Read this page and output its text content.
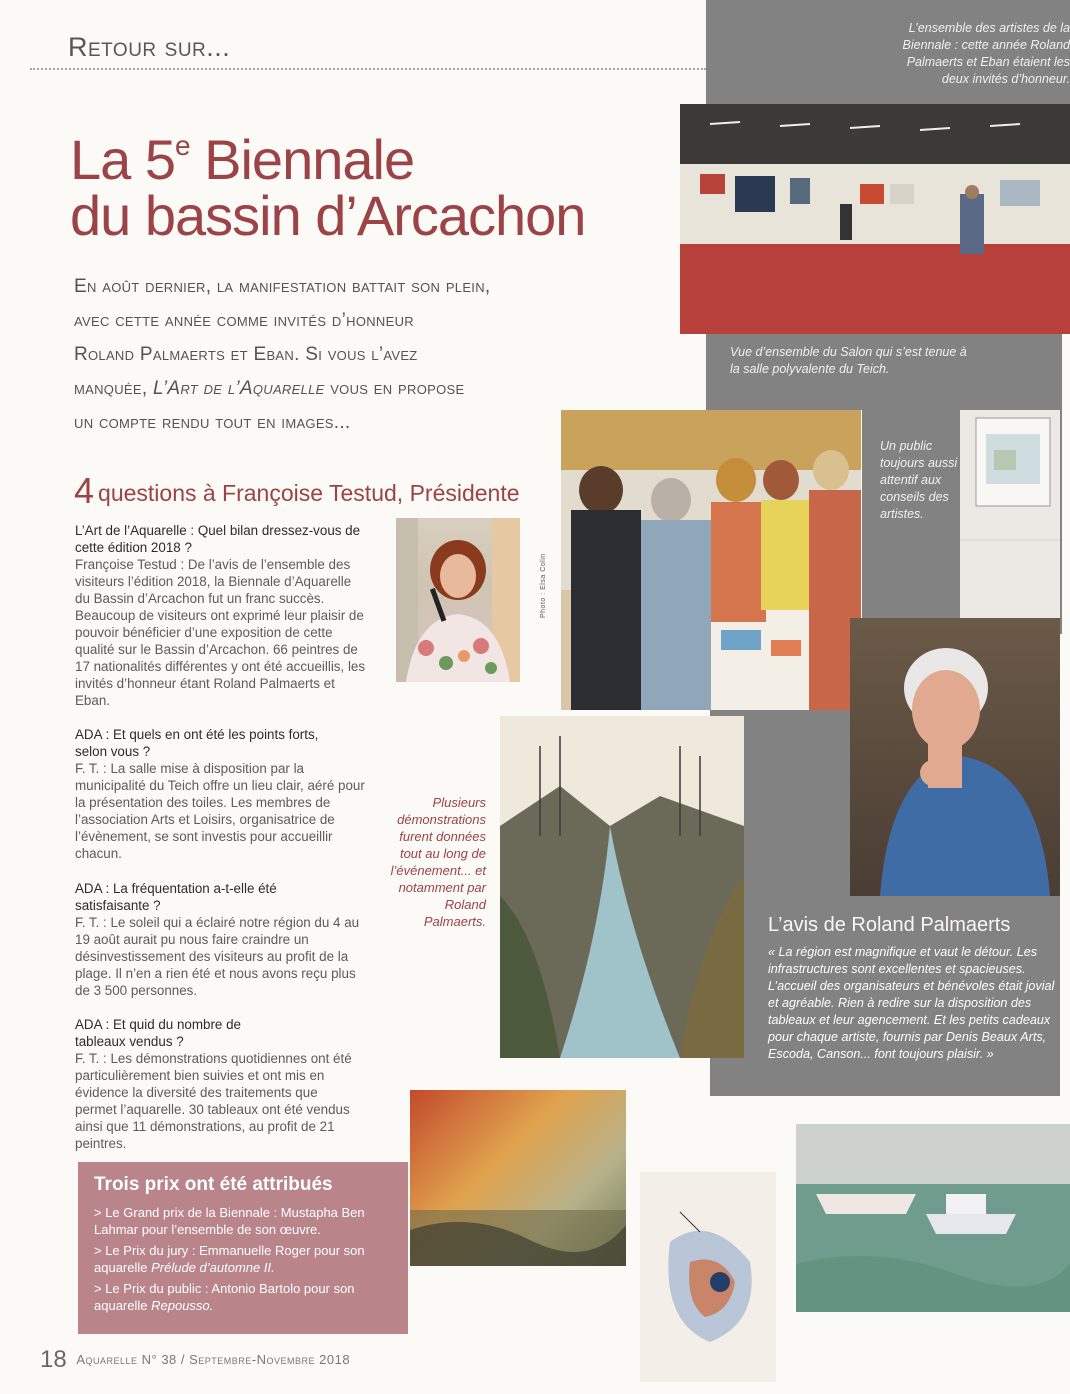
Retour sur...
La 5e Biennale
du bassin d’Arcachon
En août dernier, la manifestation battait son plein,
avec cette année comme invités d’honneur
Roland Palmaerts et Eban. Si vous l’avez
manquée, L’Art de l’Aquarelle vous en propose
un compte rendu tout en images...
4 questions à Françoise Testud, Présidente
L’Art de l’Aquarelle : Quel bilan dressez-vous de cette édition 2018 ?
Françoise Testud : De l’avis de l’ensemble des visiteurs l’édition 2018, la Biennale d’Aquarelle du Bassin d’Arcachon fut un franc succès. Beaucoup de visiteurs ont exprimé leur plaisir de pouvoir bénéficier d’une exposition de cette qualité sur le Bassin d’Arcachon. 66 peintres de 17 nationalités différentes y ont été accueillis, les invités d’honneur étant Roland Palmaerts et Eban.
ADA : Et quels en ont été les points forts, selon vous ?
F. T. : La salle mise à disposition par la municipalité du Teich offre un lieu clair, aéré pour la présentation des toiles. Les membres de l’association Arts et Loisirs, organisatrice de l’évènement, se sont investis pour accueillir chacun.
ADA : La fréquentation a-t-elle été satisfaisante ?
F. T. : Le soleil qui a éclairé notre région du 4 au 19 août aurait pu nous faire craindre un désinvestissement des visiteurs au profit de la plage. Il n’en a rien été et nous avons reçu plus de 3 500 personnes.
ADA : Et quid du nombre de tableaux vendus ?
F. T. : Les démonstrations quotidiennes ont été particulièrement bien suivies et ont mis en évidence la diversité des traitements que permet l’aquarelle. 30 tableaux ont été vendus ainsi que 11 démonstrations, au profit de 21 peintres.
Photo : Elsa Colin
L’ensemble des artistes de la Biennale : cette année Roland Palmaerts et Eban étaient les deux invités d’honneur.
Vue d’ensemble du Salon qui s’est tenue à la salle polyvalente du Teich.
Un public toujours aussi attentif aux conseils des artistes.
Plusieurs démonstrations furent données tout au long de l’événement... et notamment par Roland Palmaerts.	L’avis de Roland Palmaerts
« La région est magnifique et vaut le détour. Les infrastructures sont excellentes et spacieuses. L’accueil des organisateurs et bénévoles était jovial et agréable. Rien à redire sur la disposition des tableaux et leur agencement. Et les petits cadeaux pour chaque artiste, fournis par Denis Beaux Arts, Escoda, Canson... font toujours plaisir. »
Trois prix ont été attribués
> Le Grand prix de la Biennale : Mustapha Ben Lahmar pour l’ensemble de son œuvre.
> Le Prix du jury : Emmanuelle Roger pour son aquarelle Prélude d’automne II.
> Le Prix du public : Antonio Bartolo pour son aquarelle Repousso.
18 Aquarelle N° 38 / Septembre-Novembre 2018
